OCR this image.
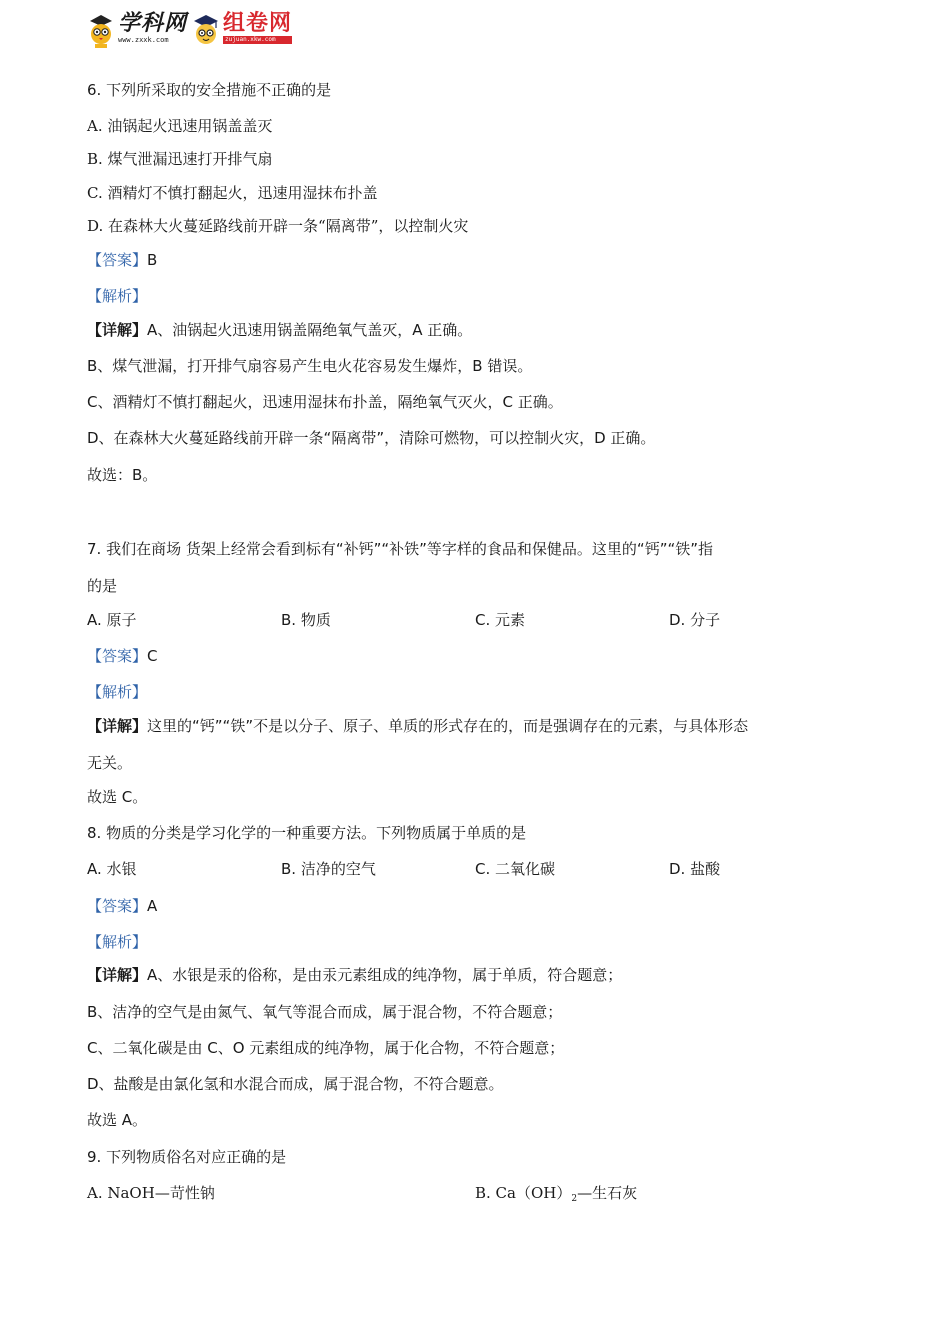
学科网
www.zxxk.com
组卷网
zujuan.xkw.com
6. 下列所采取的安全措施不正确的是
A. 油锅起火迅速用锅盖盖灭
B. 煤气泄漏迅速打开排气扇
C. 酒精灯不慎打翻起火，迅速用湿抹布扑盖
D. 在森林大火蔓延路线前开辟一条“隔离带”，以控制火灾
【答案】B
【解析】
【详解】A、油锅起火迅速用锅盖隔绝氧气盖灭，A 正确。
B、煤气泄漏，打开排气扇容易产生电火花容易发生爆炸，B 错误。
C、酒精灯不慎打翻起火，迅速用湿抹布扑盖，隔绝氧气灭火，C 正确。
D、在森林大火蔓延路线前开辟一条“隔离带”，清除可燃物，可以控制火灾，D 正确。
故选：B。
7. 我们在商场 货架上经常会看到标有“补钙”“补铁”等字样的食品和保健品。这里的“钙”“铁”指
的是
A. 原子	B. 物质	C. 元素	D. 分子
【答案】C
【解析】
【详解】这里的“钙”“铁”不是以分子、原子、单质的形式存在的，而是强调存在的元素，与具体形态
无关。
故选 C。
8. 物质的分类是学习化学的一种重要方法。下列物质属于单质的是
A. 水银	B. 洁净的空气	C. 二氧化碳	D. 盐酸
【答案】A
【解析】
【详解】A、水银是汞的俗称，是由汞元素组成的纯净物，属于单质，符合题意；
B、洁净的空气是由氮气、氧气等混合而成，属于混合物，不符合题意；
C、二氧化碳是由 C、O 元素组成的纯净物，属于化合物，不符合题意；
D、盐酸是由氯化氢和水混合而成，属于混合物，不符合题意。
故选 A。
9. 下列物质俗名对应正确的是
A. NaOH—苛性钠	B. $Ca(OH)_2—$生石灰
